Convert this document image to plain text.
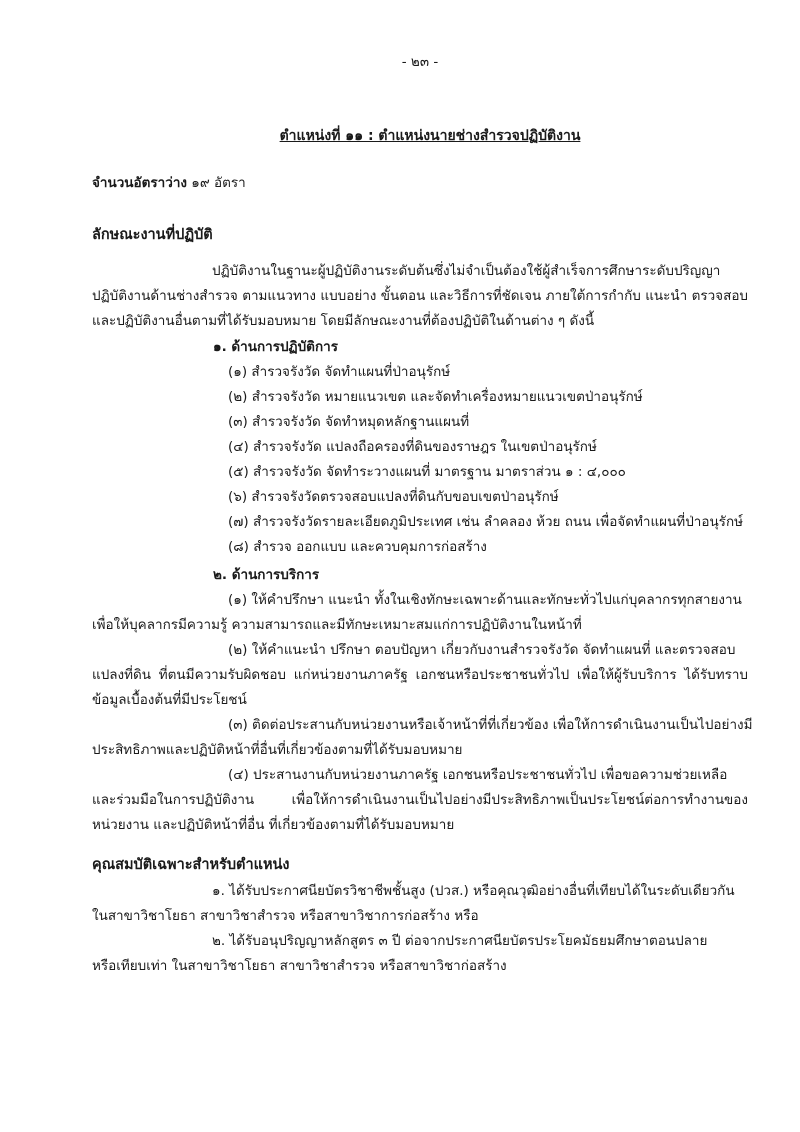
- ๒๓ -
ตำแหน่งที่ ๑๑ : ตำแหน่งนายช่างสำรวจปฏิบัติงาน
จำนวนอัตราว่าง ๑๙ อัตรา
ลักษณะงานที่ปฏิบัติ
ปฏิบัติงานในฐานะผู้ปฏิบัติงานระดับต้นซึ่งไม่จำเป็นต้องใช้ผู้สำเร็จการศึกษาระดับปริญญา
ปฏิบัติงานด้านช่างสำรวจ ตามแนวทาง แบบอย่าง ขั้นตอน และวิธีการที่ชัดเจน ภายใต้การกำกับ แนะนำ ตรวจสอบ
และปฏิบัติงานอื่นตามที่ได้รับมอบหมาย โดยมีลักษณะงานที่ต้องปฏิบัติในด้านต่าง ๆ ดังนี้
๑. ด้านการปฏิบัติการ
(๑) สำรวจรังวัด จัดทำแผนที่ป่าอนุรักษ์
(๒) สำรวจรังวัด หมายแนวเขต และจัดทำเครื่องหมายแนวเขตป่าอนุรักษ์
(๓) สำรวจรังวัด จัดทำหมุดหลักฐานแผนที่
(๔) สำรวจรังวัด แปลงถือครองที่ดินของราษฎร ในเขตป่าอนุรักษ์
(๕) สำรวจรังวัด จัดทำระวางแผนที่ มาตรฐาน มาตราส่วน ๑ : ๔,๐๐๐
(๖) สำรวจรังวัดตรวจสอบแปลงที่ดินกับขอบเขตป่าอนุรักษ์
(๗) สำรวจรังวัดรายละเอียดภูมิประเทศ เช่น ลำคลอง ห้วย ถนน เพื่อจัดทำแผนที่ป่าอนุรักษ์
(๘) สำรวจ ออกแบบ และควบคุมการก่อสร้าง
๒. ด้านการบริการ
(๑) ให้คำปรึกษา แนะนำ ทั้งในเชิงทักษะเฉพาะด้านและทักษะทั่วไปแก่บุคลากรทุกสายงาน
เพื่อให้บุคลากรมีความรู้ ความสามารถและมีทักษะเหมาะสมแก่การปฏิบัติงานในหน้าที่
(๒) ให้คำแนะนำ ปรึกษา ตอบปัญหา เกี่ยวกับงานสำรวจรังวัด จัดทำแผนที่ และตรวจสอบ
แปลงที่ดิน ที่ตนมีความรับผิดชอบ แก่หน่วยงานภาครัฐ เอกชนหรือประชาชนทั่วไป เพื่อให้ผู้รับบริการ ได้รับทราบ
ข้อมูลเบื้องต้นที่มีประโยชน์
(๓) ติดต่อประสานกับหน่วยงานหรือเจ้าหน้าที่ที่เกี่ยวข้อง เพื่อให้การดำเนินงานเป็นไปอย่างมี
ประสิทธิภาพและปฏิบัติหน้าที่อื่นที่เกี่ยวข้องตามที่ได้รับมอบหมาย
(๔) ประสานงานกับหน่วยงานภาครัฐ เอกชนหรือประชาชนทั่วไป เพื่อขอความช่วยเหลือ
และร่วมมือในการปฏิบัติงาน เพื่อให้การดำเนินงานเป็นไปอย่างมีประสิทธิภาพเป็นประโยชน์ต่อการทำงานของ
หน่วยงาน และปฏิบัติหน้าที่อื่น ที่เกี่ยวข้องตามที่ได้รับมอบหมาย
คุณสมบัติเฉพาะสำหรับตำแหน่ง
๑. ได้รับประกาศนียบัตรวิชาชีพชั้นสูง (ปวส.) หรือคุณวุฒิอย่างอื่นที่เทียบได้ในระดับเดียวกัน
ในสาขาวิชาโยธา สาขาวิชาสำรวจ หรือสาขาวิชาการก่อสร้าง หรือ
๒. ได้รับอนุปริญญาหลักสูตร ๓ ปี ต่อจากประกาศนียบัตรประโยคมัธยมศึกษาตอนปลาย
หรือเทียบเท่า ในสาขาวิชาโยธา สาขาวิชาสำรวจ หรือสาขาวิชาก่อสร้าง
